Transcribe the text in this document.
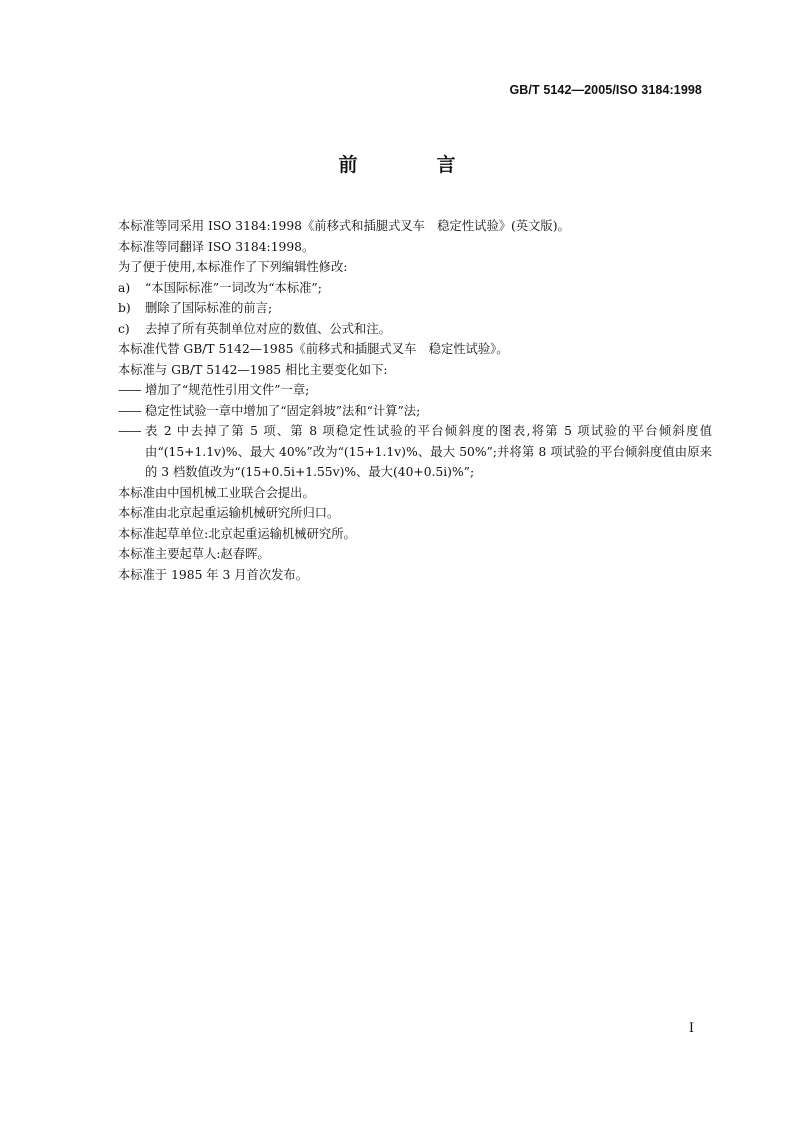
GB/T 5142—2005/ISO 3184:1998
前　言
本标准等同采用 ISO 3184:1998《前移式和插腿式叉车　稳定性试验》(英文版)。
本标准等同翻译 ISO 3184:1998。
为了便于使用,本标准作了下列编辑性修改:
a)	“本国际标准”一词改为“本标准”;
b)	删除了国际标准的前言;
c)	去掉了所有英制单位对应的数值、公式和注。
本标准代替 GB/T 5142—1985《前移式和插腿式叉车　稳定性试验》。
本标准与 GB/T 5142—1985 相比主要变化如下:
—— 增加了“规范性引用文件”一章;
—— 稳定性试验一章中增加了“固定斜坡”法和“计算”法;
—— 表 2 中去掉了第 5 项、第 8 项稳定性试验的平台倾斜度的图表,将第 5 项试验的平台倾斜度值由“(15+1.1v)%、最大 40%”改为“(15+1.1v)%、最大 50%”;并将第 8 项试验的平台倾斜度值由原来的 3 档数值改为“(15+0.5i+1.55v)%、最大(40+0.5i)%”;
本标准由中国机械工业联合会提出。
本标准由北京起重运输机械研究所归口。
本标准起草单位:北京起重运输机械研究所。
本标准主要起草人:赵春晖。
本标准于 1985 年 3 月首次发布。
I
